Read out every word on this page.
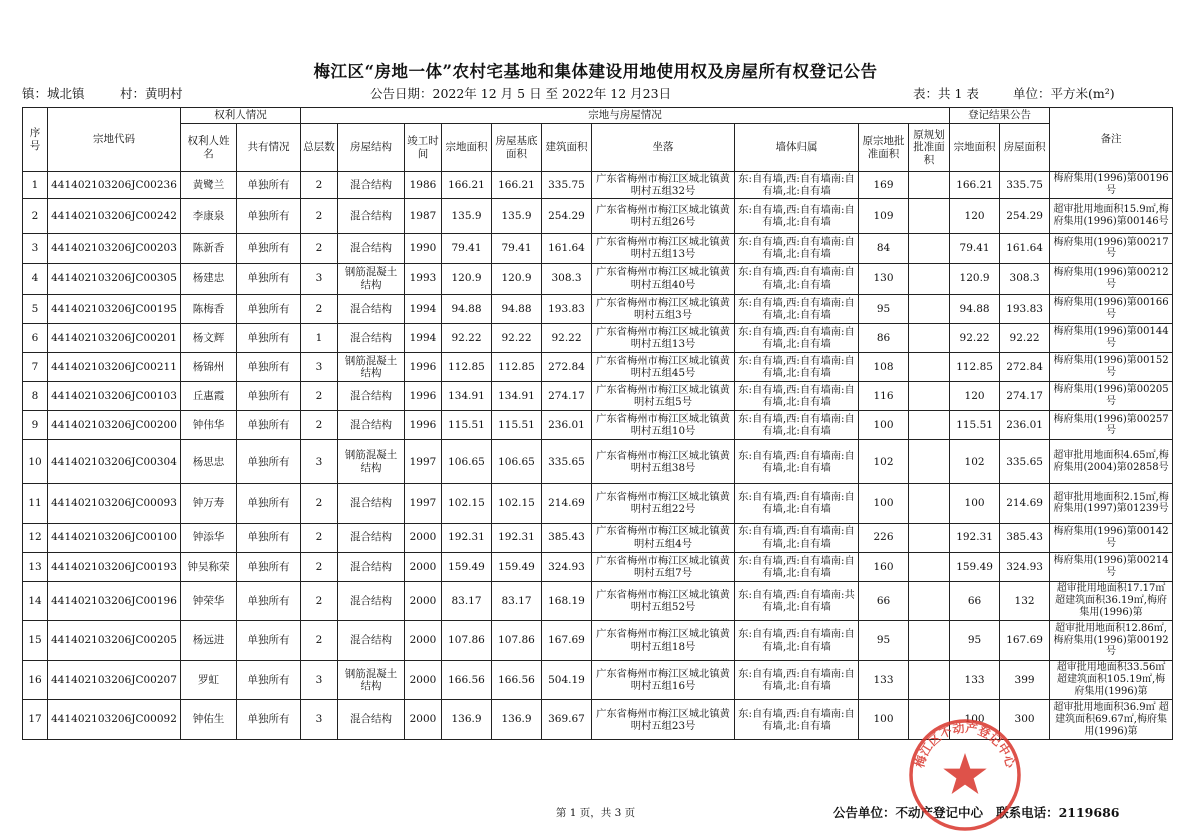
梅江区“房地一体”农村宅基地和集体建设用地使用权及房屋所有权登记公告
镇：城北镇	村：黄明村	公告日期：2022年 12 月 5 日 至 2022年 12 月23日	表：共 1 表	单位：平方米(m²)
序号	宗地代码	权利人情况		宗地与房屋情况										登记结果公告		备注
		权利人姓名	共有情况	总层数	房屋结构	竣工时间	宗地面积	房屋基底面积	建筑面积	坐落	墙体归属	原宗地批准面积	原规划批准面积	宗地面积	房屋面积	
1	441402103206JC00236	黄鹭兰	单独所有	2	混合结构	1986	166.21	166.21	335.75	广东省梅州市梅江区城北镇黄明村五组32号	东:自有墙,西:自有墙南:自有墙,北:自有墙	169		166.21	335.75	梅府集用(1996)第00196号
2	441402103206JC00242	李康泉	单独所有	2	混合结构	1987	135.9	135.9	254.29	广东省梅州市梅江区城北镇黄明村五组26号	东:自有墙,西:自有墙南:自有墙,北:自有墙	109		120	254.29	超审批用地面积15.9㎡,梅府集用(1996)第00146号
3	441402103206JC00203	陈新香	单独所有	2	混合结构	1990	79.41	79.41	161.64	广东省梅州市梅江区城北镇黄明村五组13号	东:自有墙,西:自有墙南:自有墙,北:自有墙	84		79.41	161.64	梅府集用(1996)第00217号
4	441402103206JC00305	杨建忠	单独所有	3	钢筋混凝土结构	1993	120.9	120.9	308.3	广东省梅州市梅江区城北镇黄明村五组40号	东:自有墙,西:自有墙南:自有墙,北:自有墙	130		120.9	308.3	梅府集用(1996)第00212号
5	441402103206JC00195	陈梅香	单独所有	2	混合结构	1994	94.88	94.88	193.83	广东省梅州市梅江区城北镇黄明村五组3号	东:自有墙,西:自有墙南:自有墙,北:自有墙	95		94.88	193.83	梅府集用(1996)第00166号
6	441402103206JC00201	杨文辉	单独所有	1	混合结构	1994	92.22	92.22	92.22	广东省梅州市梅江区城北镇黄明村五组13号	东:自有墙,西:自有墙南:自有墙,北:自有墙	86		92.22	92.22	梅府集用(1996)第00144号
7	441402103206JC00211	杨锦州	单独所有	3	钢筋混凝土结构	1996	112.85	112.85	272.84	广东省梅州市梅江区城北镇黄明村五组45号	东:自有墙,西:自有墙南:自有墙,北:自有墙	108		112.85	272.84	梅府集用(1996)第00152号
8	441402103206JC00103	丘惠霞	单独所有	2	混合结构	1996	134.91	134.91	274.17	广东省梅州市梅江区城北镇黄明村五组5号	东:自有墙,西:自有墙南:自有墙,北:自有墙	116		120	274.17	梅府集用(1996)第00205号
9	441402103206JC00200	钟伟华	单独所有	2	混合结构	1996	115.51	115.51	236.01	广东省梅州市梅江区城北镇黄明村五组10号	东:自有墙,西:自有墙南:自有墙,北:自有墙	100		115.51	236.01	梅府集用(1996)第00257号
10	441402103206JC00304	杨思忠	单独所有	3	钢筋混凝土结构	1997	106.65	106.65	335.65	广东省梅州市梅江区城北镇黄明村五组38号	东:自有墙,西:自有墙南:自有墙,北:自有墙	102		102	335.65	超审批用地面积4.65㎡,梅府集用(2004)第02858号
11	441402103206JC00093	钟万寿	单独所有	2	混合结构	1997	102.15	102.15	214.69	广东省梅州市梅江区城北镇黄明村五组22号	东:自有墙,西:自有墙南:自有墙,北:自有墙	100		100	214.69	超审批用地面积2.15㎡,梅府集用(1997)第01239号
12	441402103206JC00100	钟添华	单独所有	2	混合结构	2000	192.31	192.31	385.43	广东省梅州市梅江区城北镇黄明村五组4号	东:自有墙,西:自有墙南:自有墙,北:自有墙	226		192.31	385.43	梅府集用(1996)第00142号
13	441402103206JC00193	钟吴称荣	单独所有	2	混合结构	2000	159.49	159.49	324.93	广东省梅州市梅江区城北镇黄明村五组7号	东:自有墙,西:自有墙南:自有墙,北:自有墙	160		159.49	324.93	梅府集用(1996)第00214号
14	441402103206JC00196	钟荣华	单独所有	2	混合结构	2000	83.17	83.17	168.19	广东省梅州市梅江区城北镇黄明村五组52号	东:自有墙,西:自有墙南:共有墙,北:自有墙	66		66	132	超审批用地面积17.17㎡ 超建筑面积36.19㎡,梅府集用(1996)第
15	441402103206JC00205	杨远进	单独所有	2	混合结构	2000	107.86	107.86	167.69	广东省梅州市梅江区城北镇黄明村五组18号	东:自有墙,西:自有墙南:自有墙,北:自有墙	95		95	167.69	超审批用地面积12.86㎡,梅府集用(1996)第00192号
16	441402103206JC00207	罗虹	单独所有	3	钢筋混凝土结构	2000	166.56	166.56	504.19	广东省梅州市梅江区城北镇黄明村五组16号	东:自有墙,西:自有墙南:自有墙,北:自有墙	133		133	399	超审批用地面积33.56㎡超建筑面积105.19㎡,梅府集用(1996)第
17	441402103206JC00092	钟佑生	单独所有	3	混合结构	2000	136.9	136.9	369.67	广东省梅州市梅江区城北镇黄明村五组23号	东:自有墙,西:自有墙南:自有墙,北:自有墙	100		100	300	超审批用地面积36.9㎡ 超建筑面积69.67㎡,梅府集用(1996)第
第 1 页，共 3 页	公告单位：不动产登记中心 联系电话：2119686
梅江区不动产登记中心
